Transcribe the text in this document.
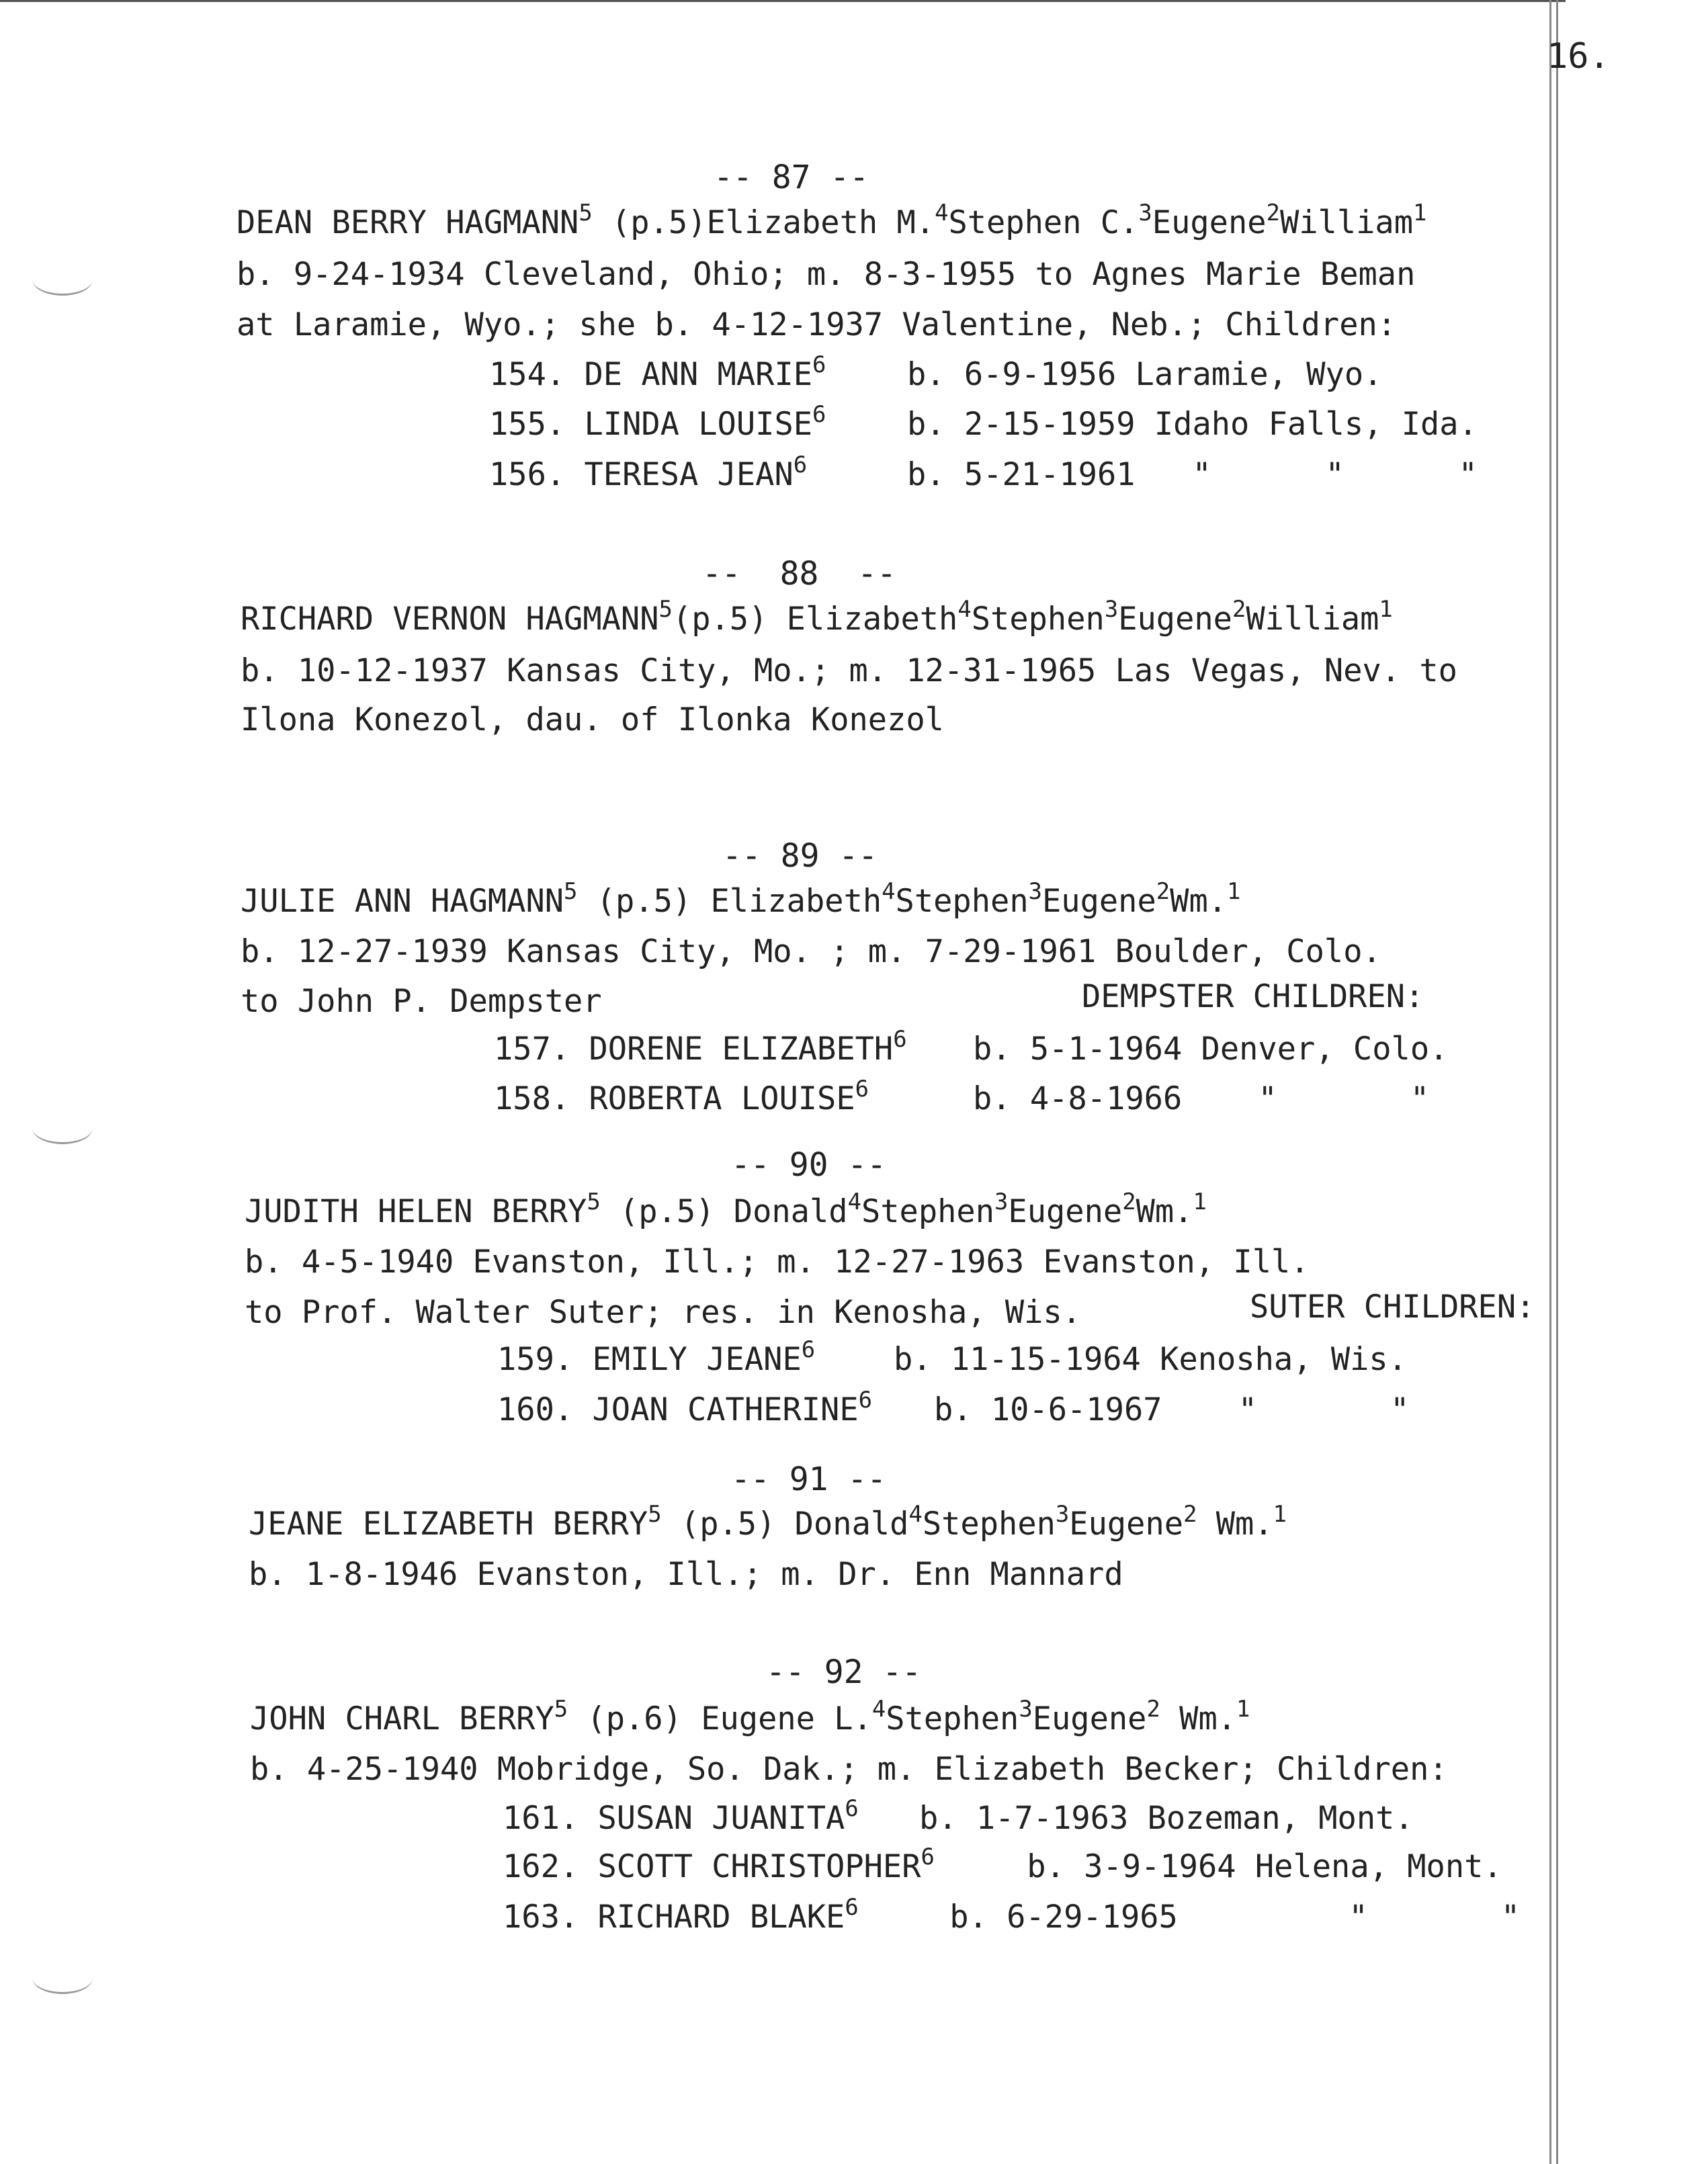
16.
-- 87 --
DEAN BERRY HAGMANN$^5$ (p.5)Elizabeth M.$^4$Stephen C.$^3$Eugene$^2$William$^1$
b. 9-24-1934 Cleveland, Ohio; m. 8-3-1955 to Agnes Marie Beman
at Laramie, Wyo.; she b. 4-12-1937 Valentine, Neb.; Children:
154. DE ANN MARIE$^6$	b. 6-9-1956 Laramie, Wyo.
155. LINDA LOUISE$^6$	b. 2-15-1959 Idaho Falls, Ida.
156. TERESA JEAN$^6$	b. 5-21-1961   "      "      "
--  88  --
RICHARD VERNON HAGMANN$^5$(p.5) Elizabeth$^4$Stephen$^3$Eugene$^2$William$^1$
b. 10-12-1937 Kansas City, Mo.; m. 12-31-1965 Las Vegas, Nev. to
Ilona Konezol, dau. of Ilonka Konezol
-- 89 --
JULIE ANN HAGMANN$^5$ (p.5) Elizabeth$^4$Stephen$^3$Eugene$^2$Wm.$^1$
b. 12-27-1939 Kansas City, Mo. ; m. 7-29-1961 Boulder, Colo.
to John P. Dempster	DEMPSTER CHILDREN:
157. DORENE ELIZABETH$^6$ b. 5-1-1964 Denver, Colo.
158. ROBERTA LOUISE$^6$	b. 4-8-1966    "       "
-- 90 --
JUDITH HELEN BERRY$^5$ (p.5) Donald$^4$Stephen$^3$Eugene$^2$Wm.$^1$
b. 4-5-1940 Evanston, Ill.; m. 12-27-1963 Evanston, Ill.
to Prof. Walter Suter; res. in Kenosha, Wis.	SUTER CHILDREN:
159. EMILY JEANE$^6$ b. 11-15-1964 Kenosha, Wis.
160. JOAN CATHERINE$^6$ b. 10-6-1967    "       "
-- 91 --
JEANE ELIZABETH BERRY$^5$ (p.5) Donald$^4$Stephen$^3$Eugene$^2$ Wm.$^1$
b. 1-8-1946 Evanston, Ill.; m. Dr. Enn Mannard
-- 92 --
JOHN CHARL BERRY$^5$ (p.6) Eugene L.$^4$Stephen$^3$Eugene$^2$ Wm.$^1$
b. 4-25-1940 Mobridge, So. Dak.; m. Elizabeth Becker; Children:
161. SUSAN JUANITA$^6$ b. 1-7-1963 Bozeman, Mont.
162. SCOTT CHRISTOPHER$^6$ b. 3-9-1964 Helena, Mont.
163. RICHARD BLAKE$^6$ b. 6-29-1965         "       "
